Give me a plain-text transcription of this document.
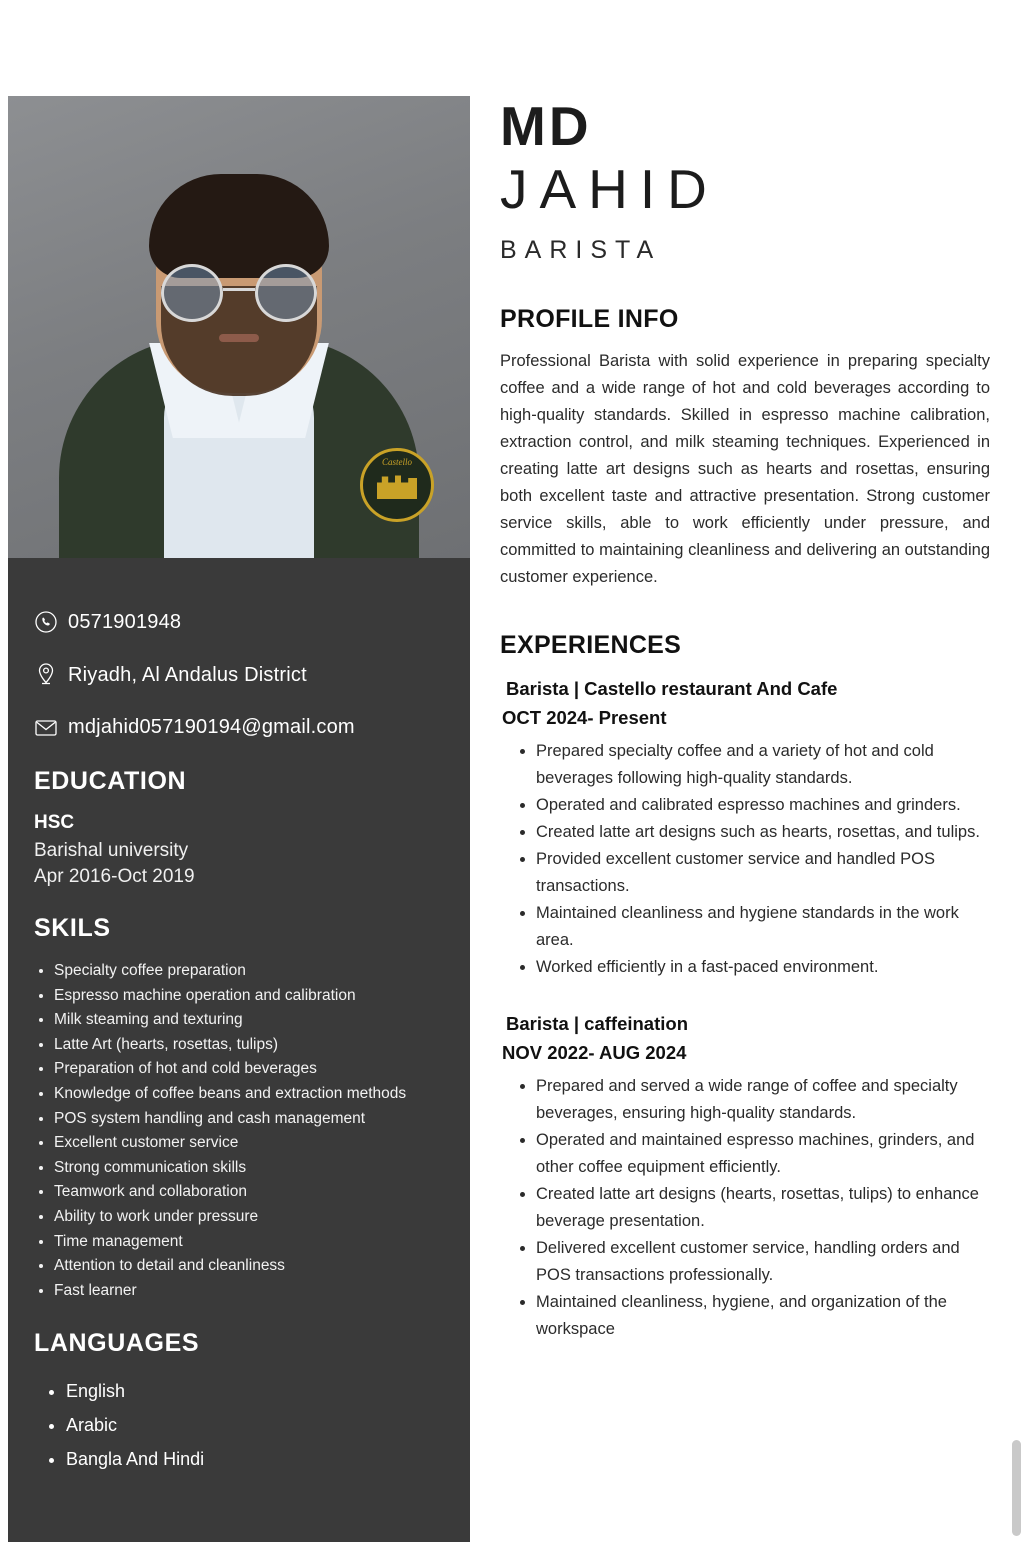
Castello
0571901948
Riyadh, Al Andalus District
mdjahid057190194@gmail.com
EDUCATION
HSC
Barishal university
Apr 2016-Oct 2019
SKILS
• Specialty coffee preparation
• Espresso machine operation and calibration
• Milk steaming and texturing
• Latte Art (hearts, rosettas, tulips)
• Preparation of hot and cold beverages
• Knowledge of coffee beans and extraction methods
• POS system handling and cash management
• Excellent customer service
• Strong communication skills
• Teamwork and collaboration
• Ability to work under pressure
• Time management
• Attention to detail and cleanliness
• Fast learner
LANGUAGES
• English
• Arabic
• Bangla And Hindi
MD
JAHID
BARISTA
PROFILE INFO
Professional Barista with solid experience in preparing specialty coffee and a wide range of hot and cold beverages according to high-quality standards. Skilled in espresso machine calibration, extraction control, and milk steaming techniques. Experienced in creating latte art designs such as hearts and rosettas, ensuring both excellent taste and attractive presentation. Strong customer service skills, able to work efficiently under pressure, and committed to maintaining cleanliness and delivering an outstanding customer experience.
EXPERIENCES
Barista | Castello restaurant And Cafe
OCT 2024- Present
• Prepared specialty coffee and a variety of hot and cold beverages following high-quality standards.
• Operated and calibrated espresso machines and grinders.
• Created latte art designs such as hearts, rosettas, and tulips.
• Provided excellent customer service and handled POS transactions.
• Maintained cleanliness and hygiene standards in the work area.
• Worked efficiently in a fast-paced environment.
Barista | caffeination
NOV 2022- AUG 2024
• Prepared and served a wide range of coffee and specialty beverages, ensuring high-quality standards.
• Operated and maintained espresso machines, grinders, and other coffee equipment efficiently.
• Created latte art designs (hearts, rosettas, tulips) to enhance beverage presentation.
• Delivered excellent customer service, handling orders and POS transactions professionally.
• Maintained cleanliness, hygiene, and organization of the workspace
